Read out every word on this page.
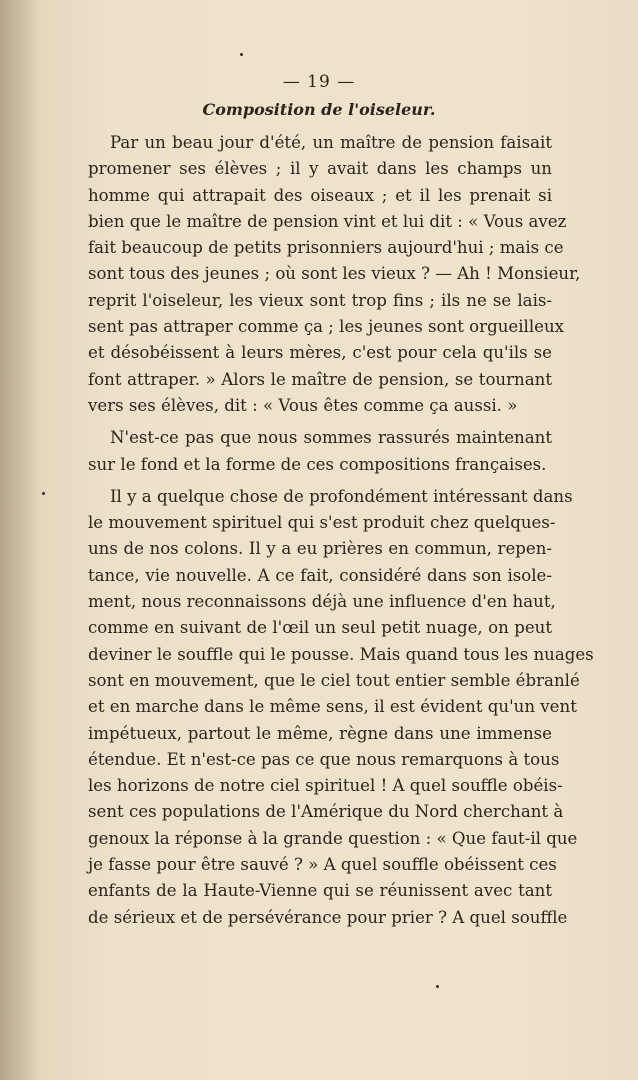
— 19 —
Composition de l'oiseleur.
Par un beau jour d'été, un maître de pension faisait
promener ses élèves ; il y avait dans les champs un
homme qui attrapait des oiseaux ; et il les prenait si
bien que le maître de pension vint et lui dit : « Vous avez
fait beaucoup de petits prisonniers aujourd'hui ; mais ce
sont tous des jeunes ; où sont les vieux ? — Ah ! Monsieur,
reprit l'oiseleur, les vieux sont trop fins ; ils ne se lais-
sent pas attraper comme ça ; les jeunes sont orgueilleux
et désobéissent à leurs mères, c'est pour cela qu'ils se
font attraper. » Alors le maître de pension, se tournant
vers ses élèves, dit : « Vous êtes comme ça aussi. »
N'est-ce pas que nous sommes rassurés maintenant
sur le fond et la forme de ces compositions françaises.
Il y a quelque chose de profondément intéressant dans
le mouvement spirituel qui s'est produit chez quelques-
uns de nos colons. Il y a eu prières en commun, repen-
tance, vie nouvelle. A ce fait, considéré dans son isole-
ment, nous reconnaissons déjà une influence d'en haut,
comme en suivant de l'œil un seul petit nuage, on peut
deviner le souffle qui le pousse. Mais quand tous les nuages
sont en mouvement, que le ciel tout entier semble ébranlé
et en marche dans le même sens, il est évident qu'un vent
impétueux, partout le même, règne dans une immense
étendue. Et n'est-ce pas ce que nous remarquons à tous
les horizons de notre ciel spirituel ! A quel souffle obéis-
sent ces populations de l'Amérique du Nord cherchant à
genoux la réponse à la grande question : « Que faut-il que
je fasse pour être sauvé ? » A quel souffle obéissent ces
enfants de la Haute-Vienne qui se réunissent avec tant
de sérieux et de persévérance pour prier ? A quel souffle
